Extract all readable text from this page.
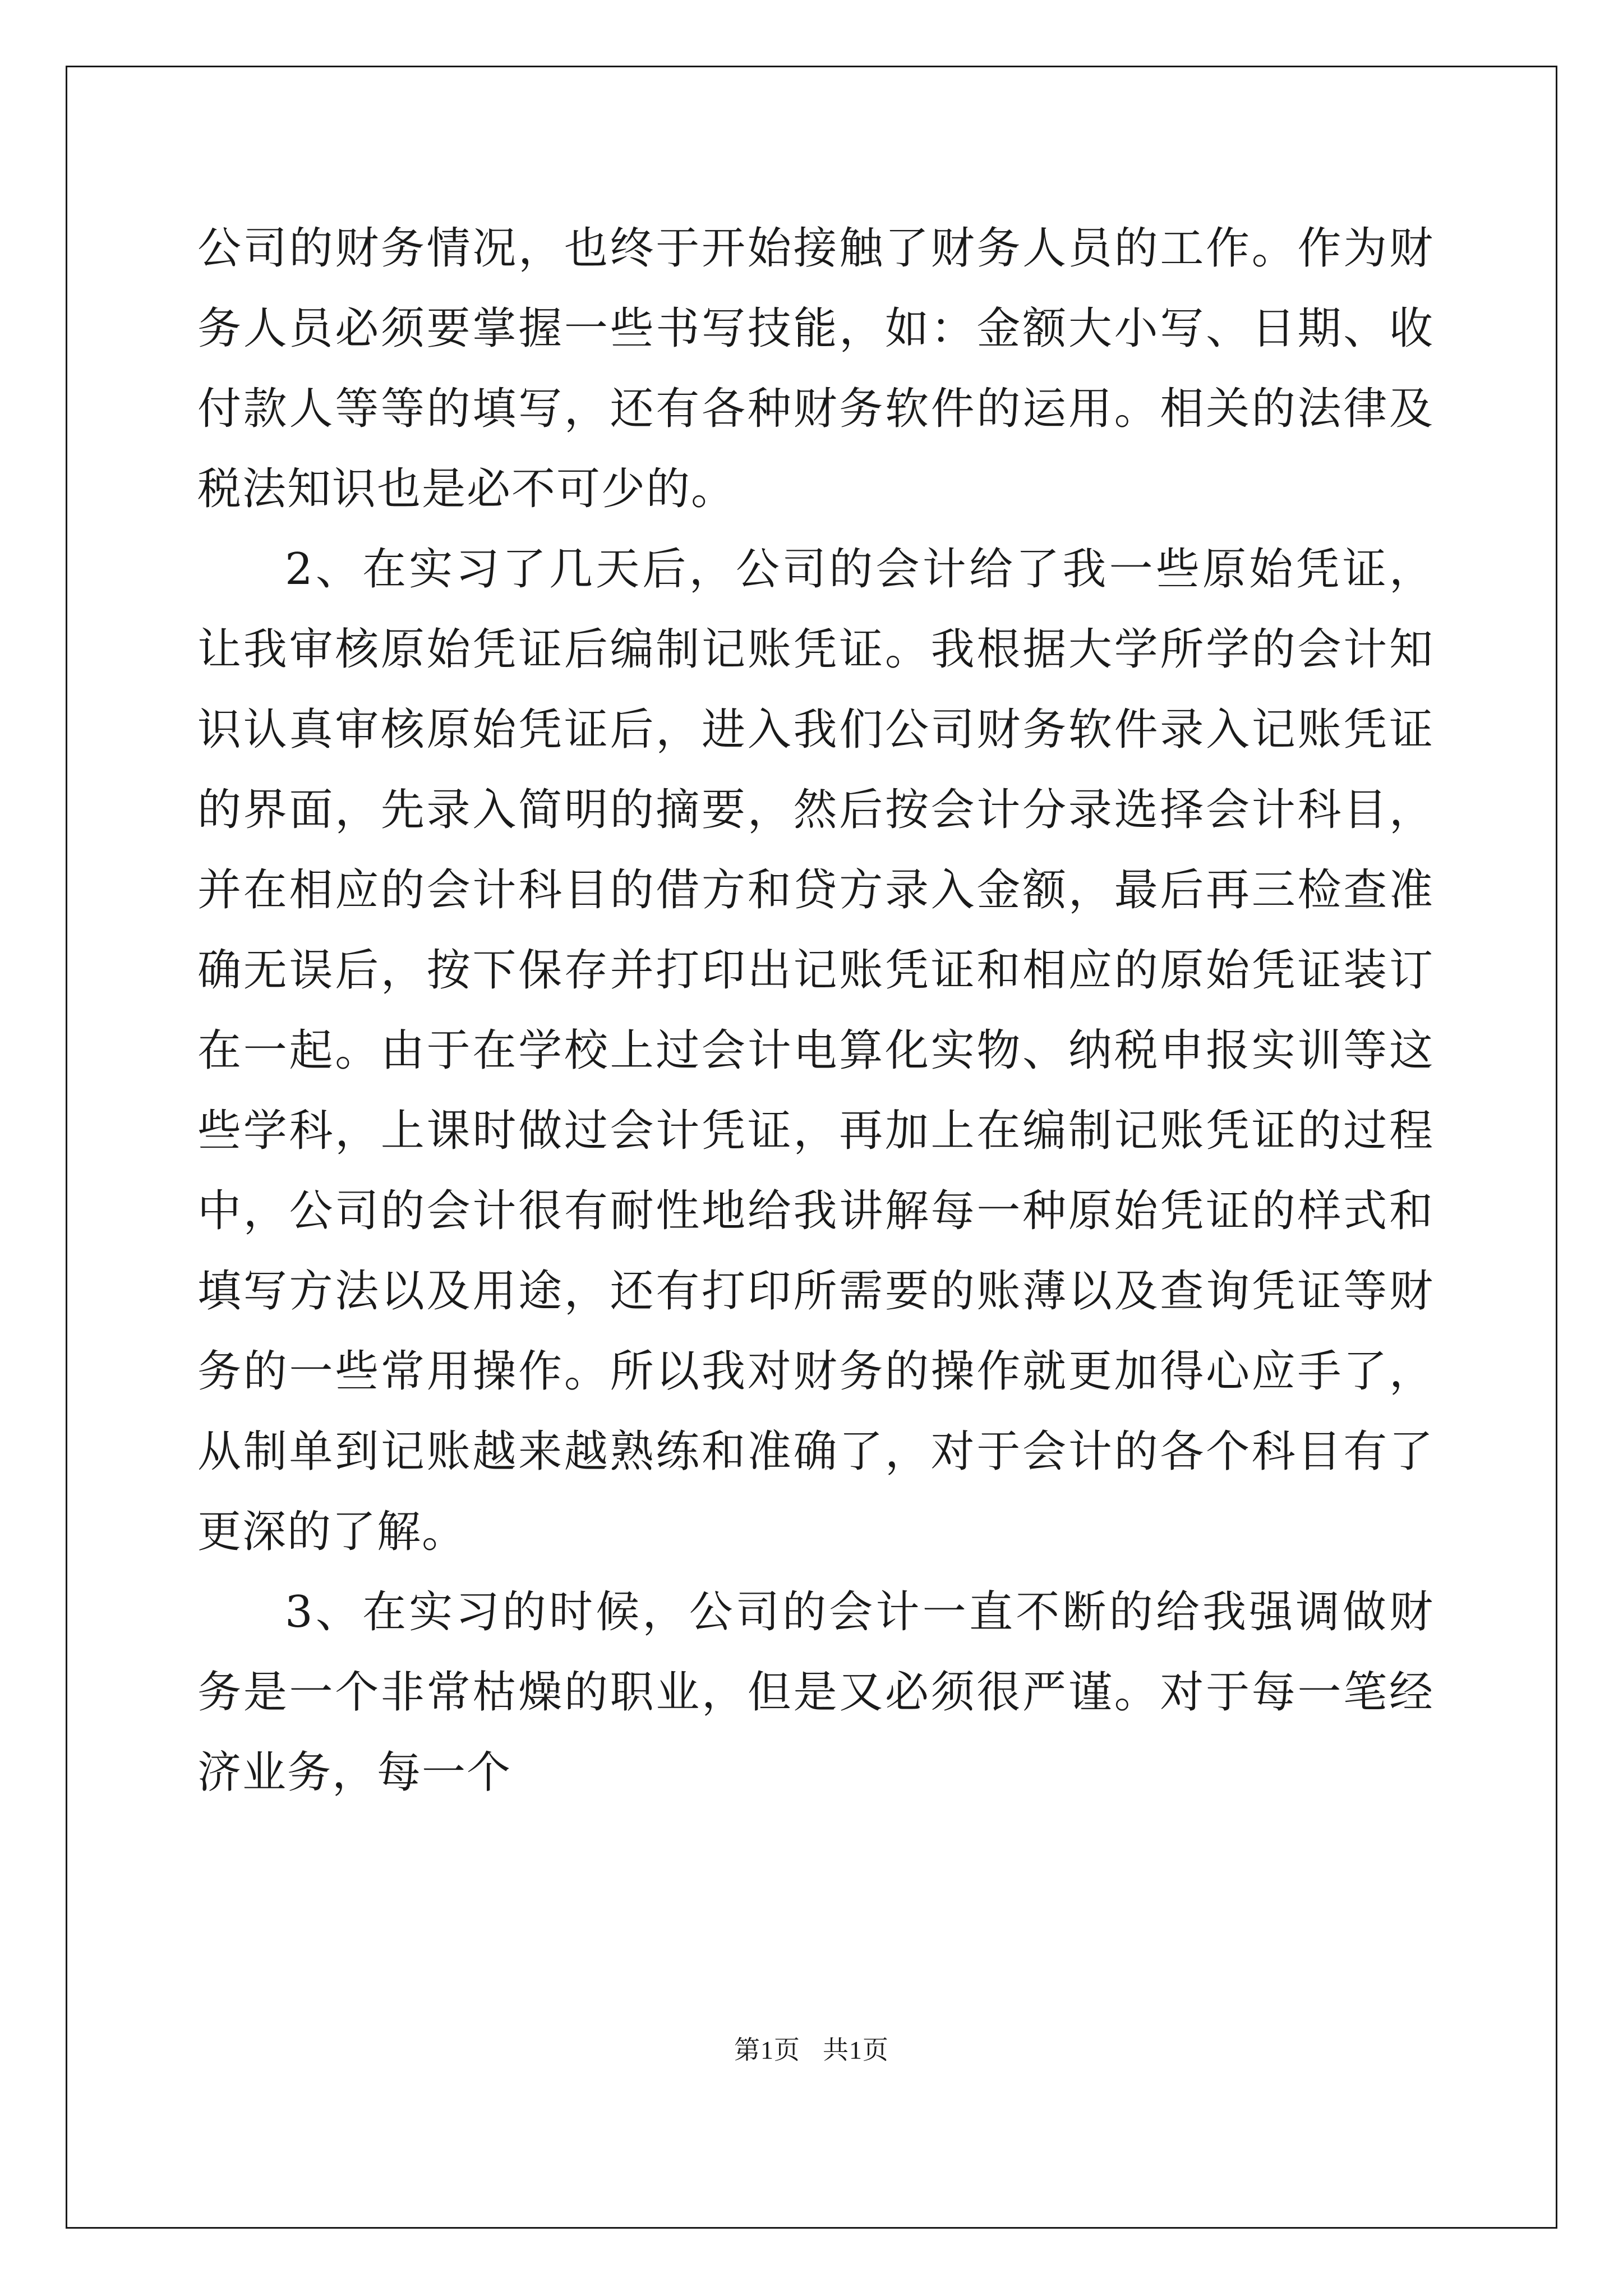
公司的财务情况，也终于开始接触了财务人员的工作。作为财务人员必须要掌握一些书写技能，如：金额大小写、日期、收付款人等等的填写，还有各种财务软件的运用。相关的法律及税法知识也是必不可少的。

2、在实习了几天后，公司的会计给了我一些原始凭证，让我审核原始凭证后编制记账凭证。我根据大学所学的会计知识认真审核原始凭证后，进入我们公司财务软件录入记账凭证的界面，先录入简明的摘要，然后按会计分录选择会计科目，并在相应的会计科目的借方和贷方录入金额，最后再三检查准确无误后，按下保存并打印出记账凭证和相应的原始凭证装订在一起。由于在学校上过会计电算化实物、纳税申报实训等这些学科，上课时做过会计凭证，再加上在编制记账凭证的过程中，公司的会计很有耐性地给我讲解每一种原始凭证的样式和填写方法以及用途，还有打印所需要的账薄以及查询凭证等财务的一些常用操作。所以我对财务的操作就更加得心应手了，从制单到记账越来越熟练和准确了，对于会计的各个科目有了更深的了解。

3、在实习的时候，公司的会计一直不断的给我强调做财务是一个非常枯燥的职业，但是又必须很严谨。对于每一笔经济业务，每一个

第1页 共1页
